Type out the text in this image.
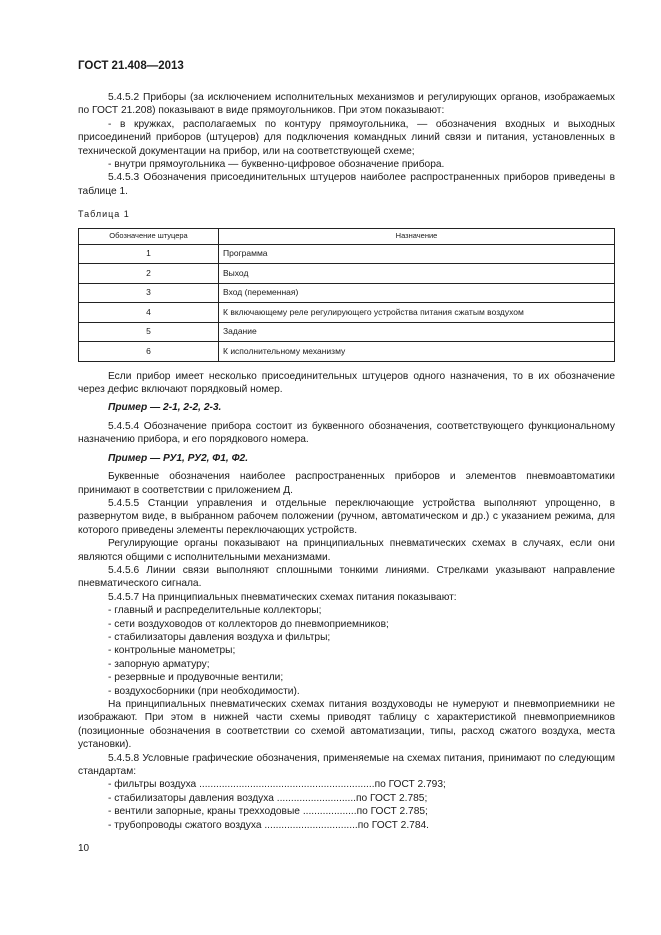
ГОСТ 21.408—2013

5.4.5.2 Приборы (за исключением исполнительных механизмов и регулирующих органов, изображаемых по ГОСТ 21.208) показывают в виде прямоугольников. При этом показывают:

- в кружках, располагаемых по контуру прямоугольника, — обозначения входных и выходных присоединений приборов (штуцеров) для подключения командных линий связи и питания, установленных в технической документации на прибор, или на соответствующей схеме;

- внутри прямоугольника — буквенно-цифровое обозначение прибора.

5.4.5.3 Обозначения присоединительных штуцеров наиболее распространенных приборов приведены в таблице 1.

Таблица 1
Обозначение штуцера	Назначение
1	Программа
2	Выход
3	Вход (переменная)
4	К включающему реле регулирующего устройства питания сжатым воздухом
5	Задание
6	К исполнительному механизму

Если прибор имеет несколько присоединительных штуцеров одного назначения, то в их обозначение через дефис включают порядковый номер.

Пример — 2-1, 2-2, 2-3.

5.4.5.4 Обозначение прибора состоит из буквенного обозначения, соответствующего функциональному назначению прибора, и его порядкового номера.

Пример — РУ1, РУ2, Ф1, Ф2.

Буквенные обозначения наиболее распространенных приборов и элементов пневмоавтоматики принимают в соответствии с приложением Д.

5.4.5.5 Станции управления и отдельные переключающие устройства выполняют упрощенно, в развернутом виде, в выбранном рабочем положении (ручном, автоматическом и др.) с указанием режима, для которого приведены элементы переключающих устройств.

Регулирующие органы показывают на принципиальных пневматических схемах в случаях, если они являются общими с исполнительными механизмами.

5.4.5.6 Линии связи выполняют сплошными тонкими линиями. Стрелками указывают направление пневматического сигнала.

5.4.5.7 На принципиальных пневматических схемах питания показывают:

- главный и распределительные коллекторы;

- сети воздуховодов от коллекторов до пневмоприемников;

- стабилизаторы давления воздуха и фильтры;

- контрольные манометры;

- запорную арматуру;

- резервные и продувочные вентили;

- воздухосборники (при необходимости).

На принципиальных пневматических схемах питания воздуховоды не нумеруют и пневмоприемники не изображают. При этом в нижней части схемы приводят таблицу с характеристикой пневмоприемников (позиционные обозначения в соответствии со схемой автоматизации, типы, расход сжатого воздуха, места установки).

5.4.5.8 Условные графические обозначения, применяемые на схемах питания, принимают по следующим стандартам:

- фильтры воздуха ..............................................................по ГОСТ 2.793;

- стабилизаторы давления воздуха ............................по ГОСТ 2.785;

- вентили запорные, краны трехходовые ...................по ГОСТ 2.785;

- трубопроводы сжатого воздуха .................................по ГОСТ 2.784.

10
